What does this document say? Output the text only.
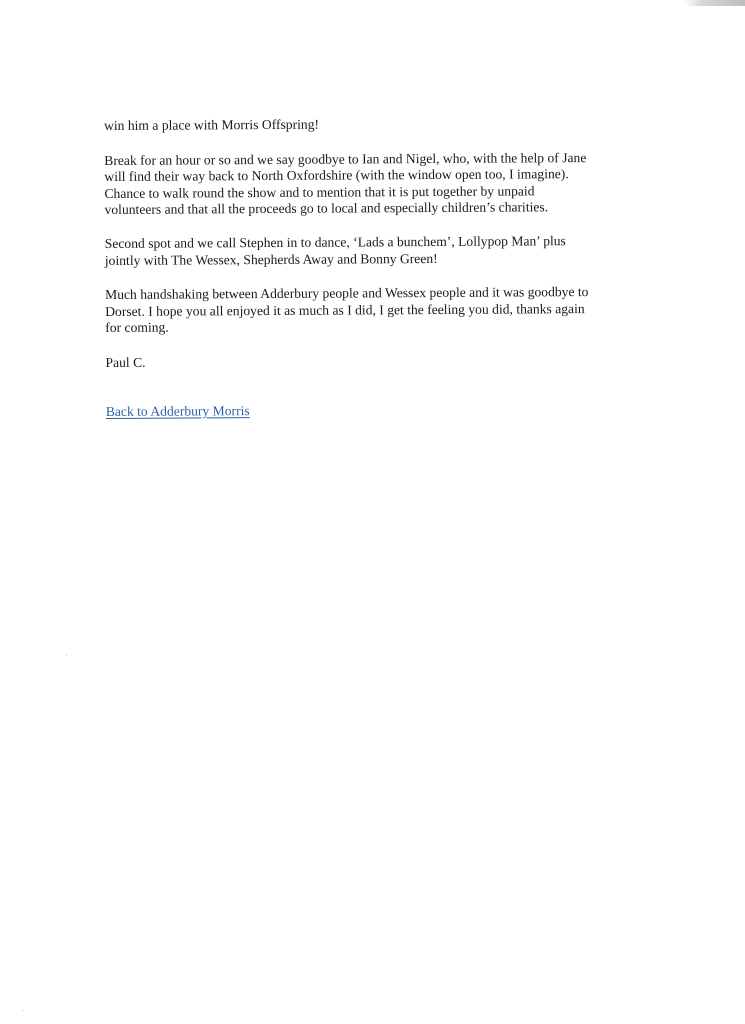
win him a place with Morris Offspring!

Break for an hour or so and we say goodbye to Ian and Nigel, who, with the help of Jane
will find their way back to North Oxfordshire (with the window open too, I imagine).
Chance to walk round the show and to mention that it is put together by unpaid
volunteers and that all the proceeds go to local and especially children’s charities.

Second spot and we call Stephen in to dance, ‘Lads a bunchem’, Lollypop Man’ plus
jointly with The Wessex, Shepherds Away and Bonny Green!

Much handshaking between Adderbury people and Wessex people and it was goodbye to
Dorset. I hope you all enjoyed it as much as I did, I get the feeling you did, thanks again
for coming.

Paul C.

Back to Adderbury Morris
